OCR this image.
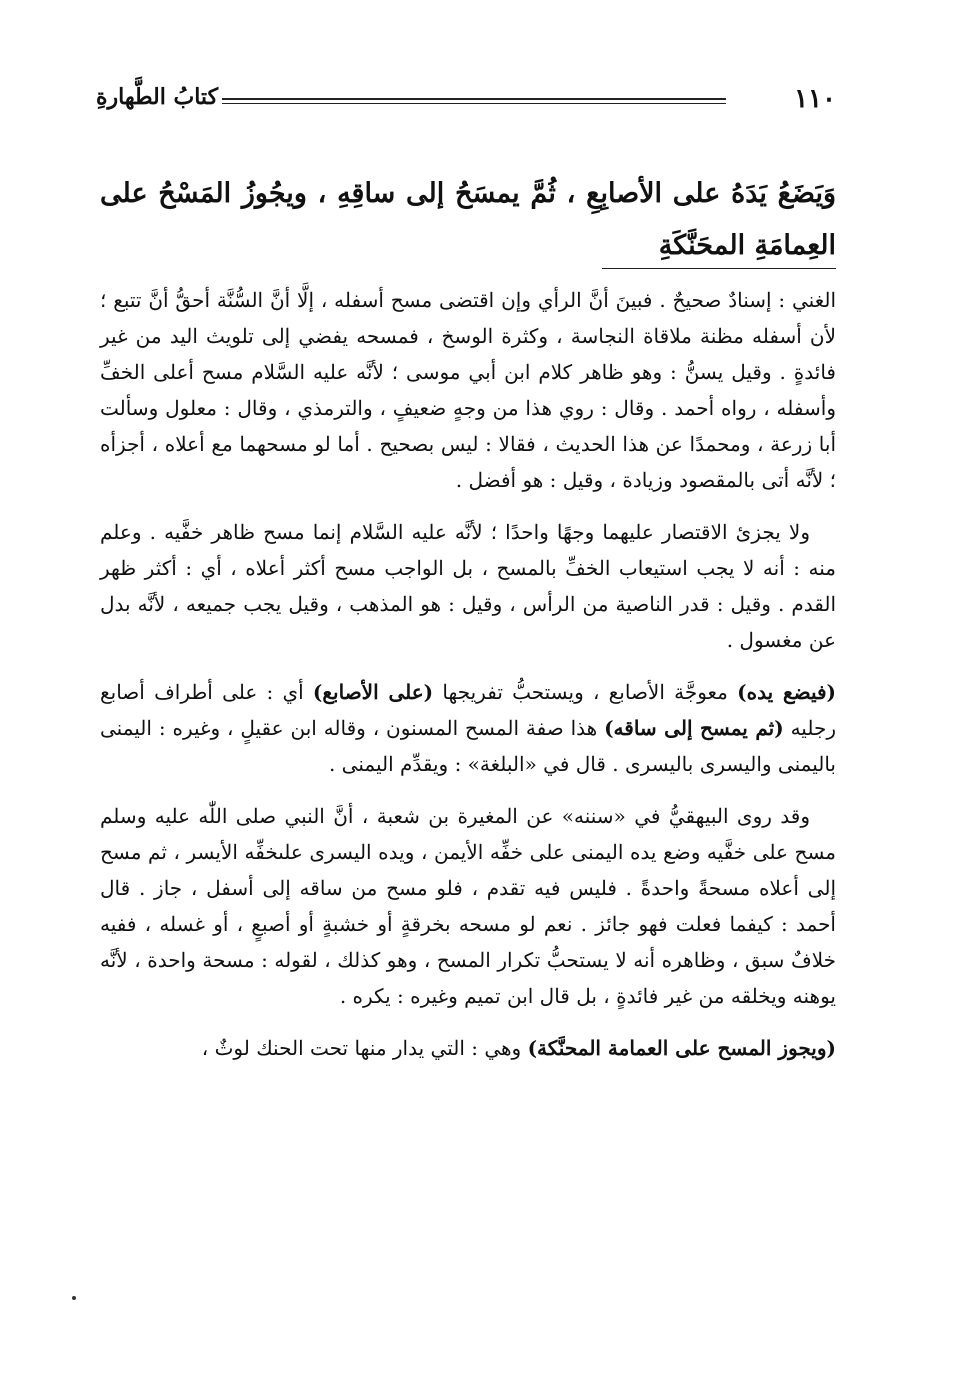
١١٠
كتابُ الطَّهارةِ
وَيَضَعُ يَدَهُ على الأصابِعِ ، ثُمَّ يمسَحُ إلى ساقِهِ ، ويجُوزُ المَسْحُ على العِمامَةِ المحَنَّكَةِ

الغني : إسنادٌ صحيحٌ . فبينَ أنَّ الرأي وإن اقتضى مسح أسفله ، إلَّا أنَّ السُّنَّة أحقُّ أنَّ تتبع ؛ لأن أسفله مظنة ملاقاة النجاسة ، وكثرة الوسخ ، فمسحه يفضي إلى تلويث اليد من غير فائدةٍ . وقيل يسنُّ : وهو ظاهر كلام ابن أبي موسى ؛ لأنَّه عليه السَّلام مسح أعلى الخفِّ وأسفله ، رواه أحمد . وقال : روي هذا من وجهٍ ضعيفٍ ، والترمذي ، وقال : معلول وسألت أبا زرعة ، ومحمدًا عن هذا الحديث ، فقالا : ليس بصحيح . أما لو مسحهما مع أعلاه ، أجزأه ؛ لأنَّه أتى بالمقصود وزيادة ، وقيل : هو أفضل .

ولا يجزئ الاقتصار عليهما وجهًا واحدًا ؛ لأنَّه عليه السَّلام إنما مسح ظاهر خفَّيه . وعلم منه : أنه لا يجب استيعاب الخفِّ بالمسح ، بل الواجب مسح أكثر أعلاه ، أي : أكثر ظهر القدم . وقيل : قدر الناصية من الرأس ، وقيل : هو المذهب ، وقيل يجب جميعه ، لأنَّه بدل عن مغسول .

(فيضع يده) معوجَّة الأصابع ، ويستحبُّ تفريجها (على الأصابع) أي : على أطراف أصابع رجليه (ثم يمسح إلى ساقه) هذا صفة المسح المسنون ، وقاله ابن عقيلٍ ، وغيره : اليمنى باليمنى واليسرى باليسرى . قال في «البلغة» : ويقدِّم اليمنى .

وقد روى البيهقيُّ في «سننه» عن المغيرة بن شعبة ، أنَّ النبي صلى اللّٰه عليه وسلم مسح على خفَّيه وضع يده اليمنى على خفِّه الأيمن ، ويده اليسرى علىخفِّه الأيسر ، ثم مسح إلى أعلاه مسحةً واحدةً . فليس فيه تقدم ، فلو مسح من ساقه إلى أسفل ، جاز . قال أحمد : كيفما فعلت فهو جائز . نعم لو مسحه بخرقةٍ أو خشبةٍ أو أصبعٍ ، أو غسله ، ففيه خلافٌ سبق ، وظاهره أنه لا يستحبُّ تكرار المسح ، وهو كذلك ، لقوله : مسحة واحدة ، لأنَّه يوهنه ويخلقه من غير فائدةٍ ، بل قال ابن تميم وغيره : يكره .

(ويجوز المسح على العمامة المحنَّكة) وهي : التي يدار منها تحت الحنك لوثٌ ،
